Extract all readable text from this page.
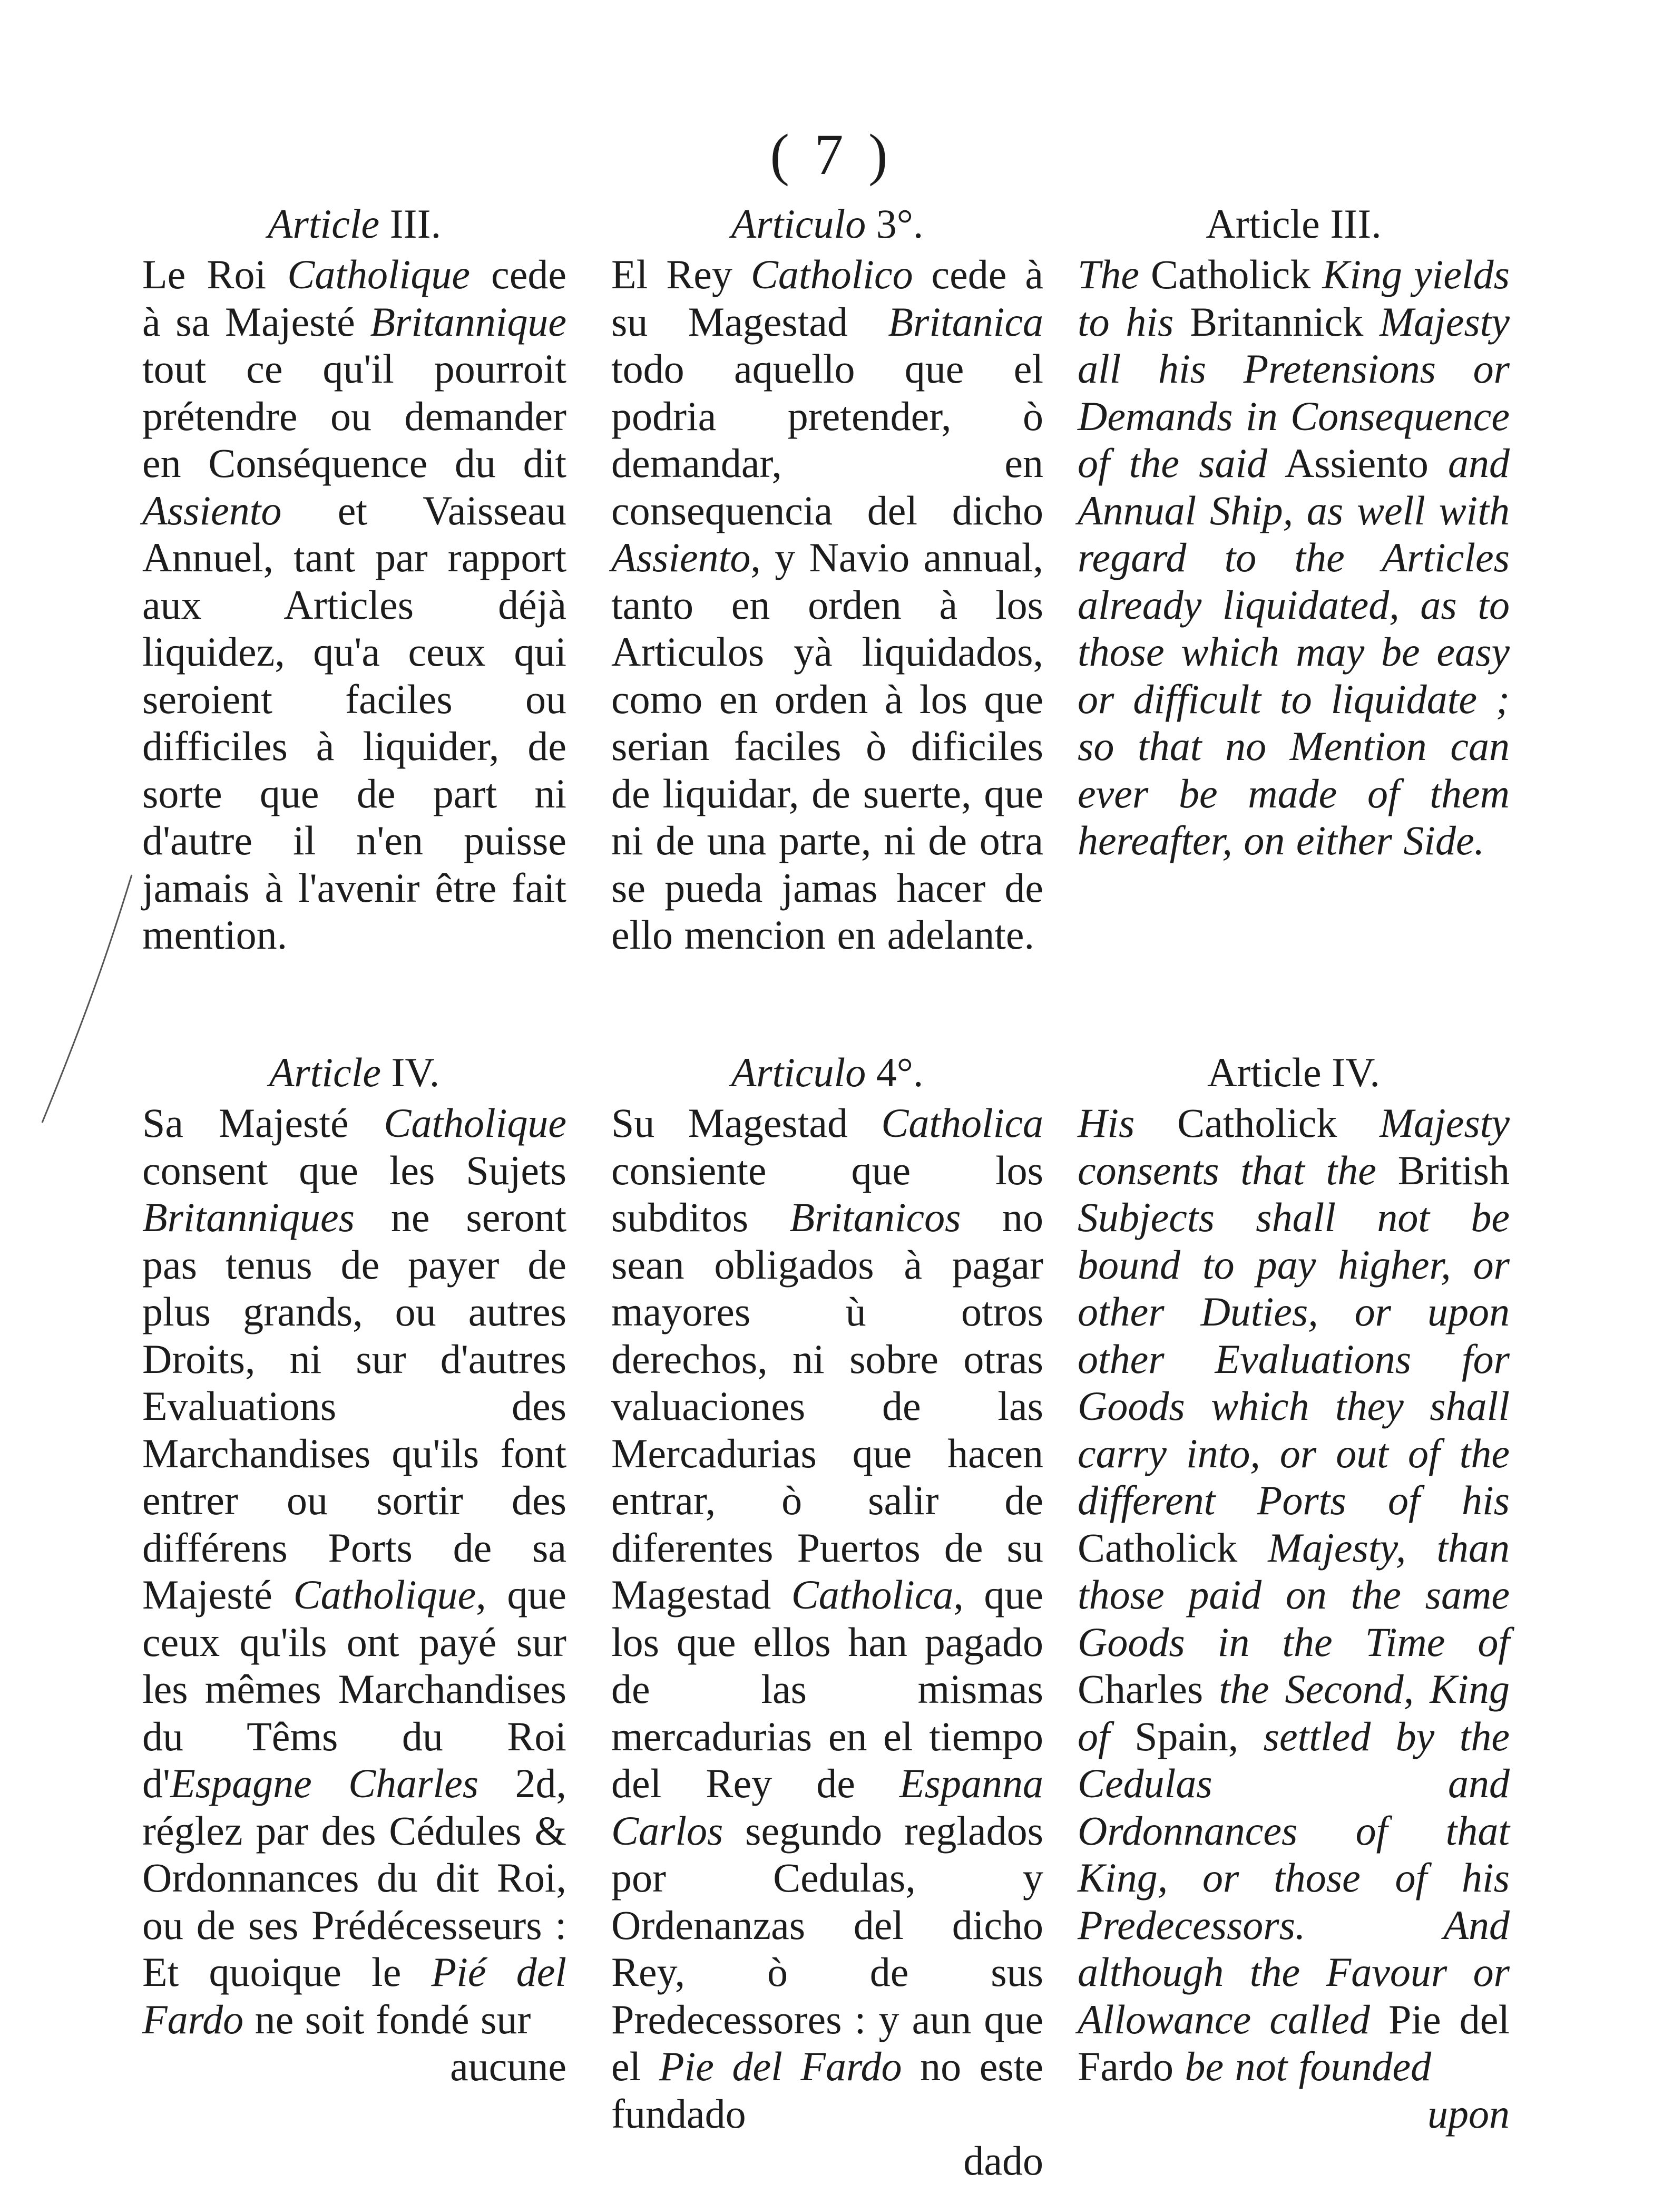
( 7 )

Article III.

Le Roi Catholique cede à sa Majesté Britannique tout ce qu'il pourroit prétendre ou demander en Conséquence du dit Assiento et Vaisseau Annuel, tant par rapport aux Articles déjà liquidez, qu'a ceux qui seroient faciles ou difficiles à liquider, de sorte que de part ni d'autre il n'en puisse jamais à l'avenir être fait mention.

Articulo 3°.

El Rey Catholico cede à su Magestad Britanica todo aquello que el podria pretender, ò demandar, en consequencia del dicho Assiento, y Navio annual, tanto en orden à los Articulos yà liquidados, como en orden à los que serian faciles ò dificiles de liquidar, de suerte, que ni de una parte, ni de otra se pueda jamas hacer de ello mencion en adelante.

Article III.

The Catholick King yields to his Britannick Majesty all his Pretensions or Demands in Consequence of the said Assiento and Annual Ship, as well with regard to the Articles already liquidated, as to those which may be easy or difficult to liquidate ; so that no Mention can ever be made of them hereafter, on either Side.

Article IV.

Sa Majesté Catholique consent que les Sujets Britanniques ne seront pas tenus de payer de plus grands, ou autres Droits, ni sur d'autres Evaluations des Marchandises qu'ils font entrer ou sortir des différens Ports de sa Majesté Catholique, que ceux qu'ils ont payé sur les mêmes Marchandises du Têms du Roi d'Espagne Charles 2d, réglez par des Cédules & Ordonnances du dit Roi, ou de ses Prédécesseurs : Et quoique le Pié del Fardo ne soit fondé sur

aucune

Articulo 4°.

Su Magestad Catholica consiente que los subditos Britanicos no sean obligados à pagar mayores ù otros derechos, ni sobre otras valuaciones de las Mercadurias que hacen entrar, ò salir de diferentes Puertos de su Magestad Catholica, que los que ellos han pagado de las mismas mercadurias en el tiempo del Rey de Espanna Carlos segundo reglados por Cedulas, y Ordenanzas del dicho Rey, ò de sus Predecessores : y aun que el Pie del Fardo no este fundado

dado

Article IV.

His Catholick Majesty consents that the British Subjects shall not be bound to pay higher, or other Duties, or upon other Evaluations for Goods which they shall carry into, or out of the different Ports of his Catholick Majesty, than those paid on the same Goods in the Time of Charles the Second, King of Spain, settled by the Cedulas and Ordonnances of that King, or those of his Predecessors. And although the Favour or Allowance called Pie del Fardo be not founded

upon
